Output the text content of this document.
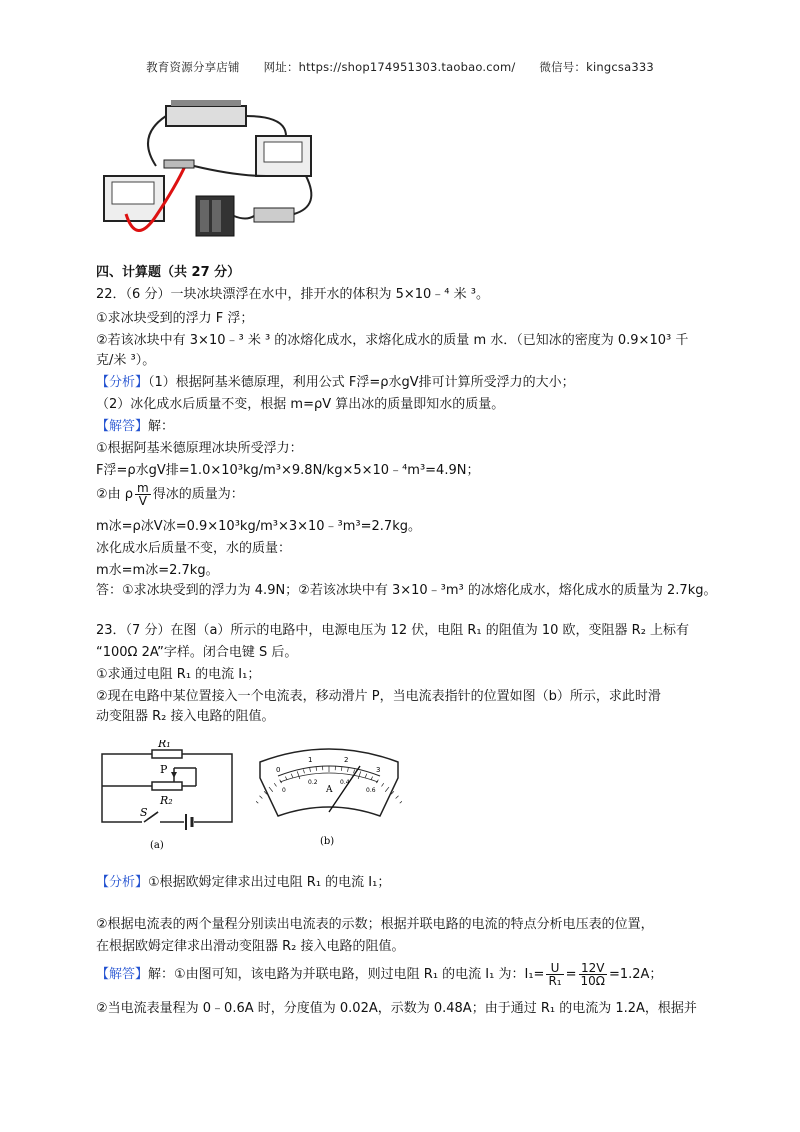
教育资源分享店铺 网址：https://shop174951303.taobao.com/ 微信号：kingcsa333
四、计算题（共 27 分）
22．（6 分）一块冰块漂浮在水中，排开水的体积为 5×10﹣⁴ 米 ³。
①求冰块受到的浮力 F 浮；
②若该冰块中有 3×10﹣³ 米 ³ 的冰熔化成水，求熔化成水的质量 m 水．（已知冰的密度为 0.9×10³ 千
克/米 ³）。
【分析】（1）根据阿基米德原理，利用公式 F浮=ρ水gV排可计算所受浮力的大小；
（2）冰化成水后质量不变，根据 m=ρV 算出冰的质量即知水的质量。
【解答】解：
①根据阿基米德原理冰块所受浮力：
F浮=ρ水gV排=1.0×10³kg/m³×9.8N/kg×5×10﹣⁴m³=4.9N；
②由 ρ $\frac{m}{V}$ 得冰的质量为：
m冰=ρ冰V冰=0.9×10³kg/m³×3×10﹣³m³=2.7kg。
冰化成水后质量不变，水的质量：
m水=m冰=2.7kg。
答：①求冰块受到的浮力为 4.9N；②若该冰块中有 3×10﹣³m³ 的冰熔化成水，熔化成水的质量为 2.7kg。
23．（7 分）在图（a）所示的电路中，电源电压为 12 伏，电阻 R₁ 的阻值为 10 欧，变阻器 R₂ 上标有
“100Ω 2A”字样。闭合电键 S 后。
①求通过电阻 R₁ 的电流 I₁；
②现在电路中某位置接入一个电流表，移动滑片 P，当电流表指针的位置如图（b）所示，求此时滑
动变阻器 R₂ 接入电路的阻值。
R₁
P
R₂
S
(a)
A
0
1	2
3
0
0.2	0.4
0.6
(b)
【分析】①根据欧姆定律求出过电阻 R₁ 的电流 I₁；
②根据电流表的两个量程分别读出电流表的示数；根据并联电路的电流的特点分析电压表的位置，
在根据欧姆定律求出滑动变阻器 R₂ 接入电路的阻值。
【解答】解：①由图可知，该电路为并联电路，则过电阻 R₁ 的电流 I₁ 为：$I_1= \frac{U}{\text{R₁}} = \frac{12V}{10\Omega} =1.2A$；
②当电流表量程为 0﹣0.6A 时，分度值为 0.02A，示数为 0.48A；由于通过 R₁ 的电流为 1.2A，根据并
